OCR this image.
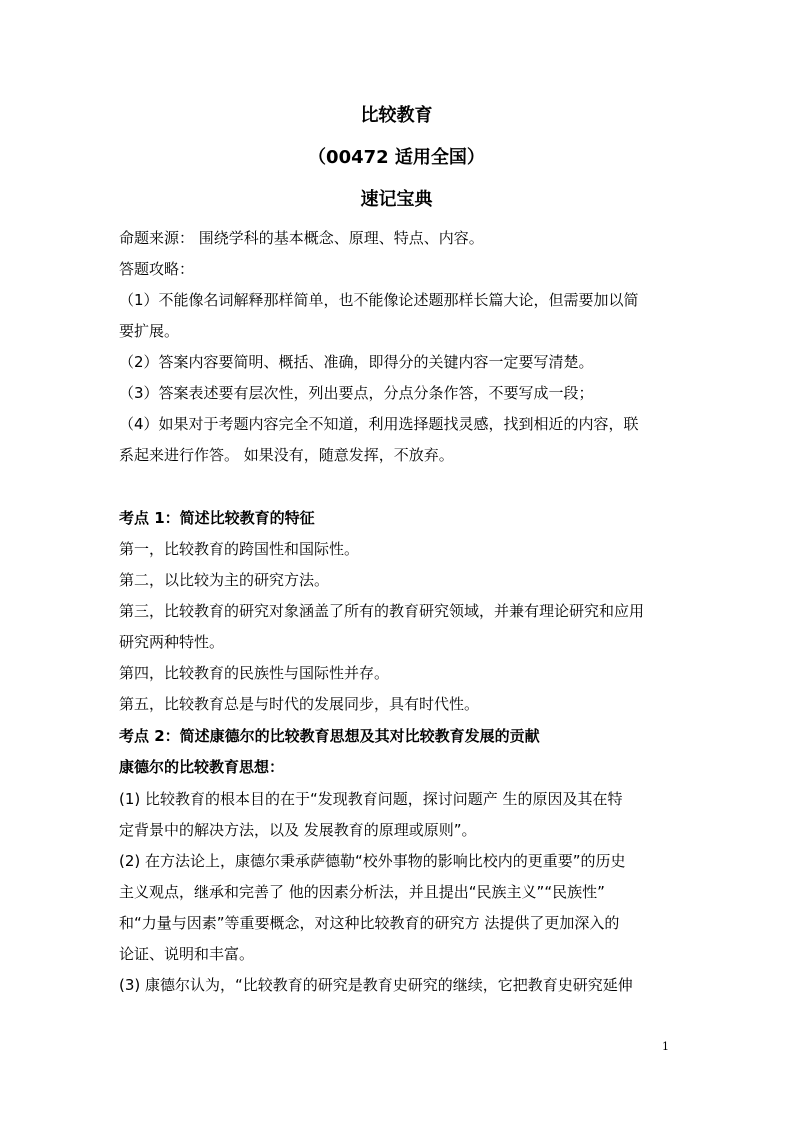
比较教育
（00472 适用全国）
速记宝典
命题来源： 围绕学科的基本概念、原理、特点、内容。
答题攻略：
（1）不能像名词解释那样简单，也不能像论述题那样长篇大论，但需要加以简
要扩展。
（2）答案内容要简明、概括、准确，即得分的关键内容一定要写清楚。
（3）答案表述要有层次性，列出要点，分点分条作答，不要写成一段；
（4）如果对于考题内容完全不知道，利用选择题找灵感，找到相近的内容，联
系起来进行作答。 如果没有，随意发挥，不放弃。
考点 1：简述比较教育的特征
第一，比较教育的跨国性和国际性。
第二，以比较为主的研究方法。
第三，比较教育的研究对象涵盖了所有的教育研究领域，并兼有理论研究和应用
研究两种特性。
第四，比较教育的民族性与国际性并存。
第五，比较教育总是与时代的发展同步，具有时代性。
考点 2：简述康德尔的比较教育思想及其对比较教育发展的贡献
康德尔的比较教育思想：
(1) 比较教育的根本目的在于“发现教育问题，探讨问题产 生的原因及其在特
定背景中的解决方法，以及 发展教育的原理或原则”。
(2) 在方法论上，康德尔秉承萨德勒“校外事物的影响比校内的更重要”的历史
主义观点，继承和完善了 他的因素分析法，并且提出“民族主义”“民族性”
和“力量与因素”等重要概念，对这种比较教育的研究方 法提供了更加深入的
论证、说明和丰富。
(3) 康德尔认为，“比较教育的研究是教育史研究的继续，它把教育史研究延伸
1
